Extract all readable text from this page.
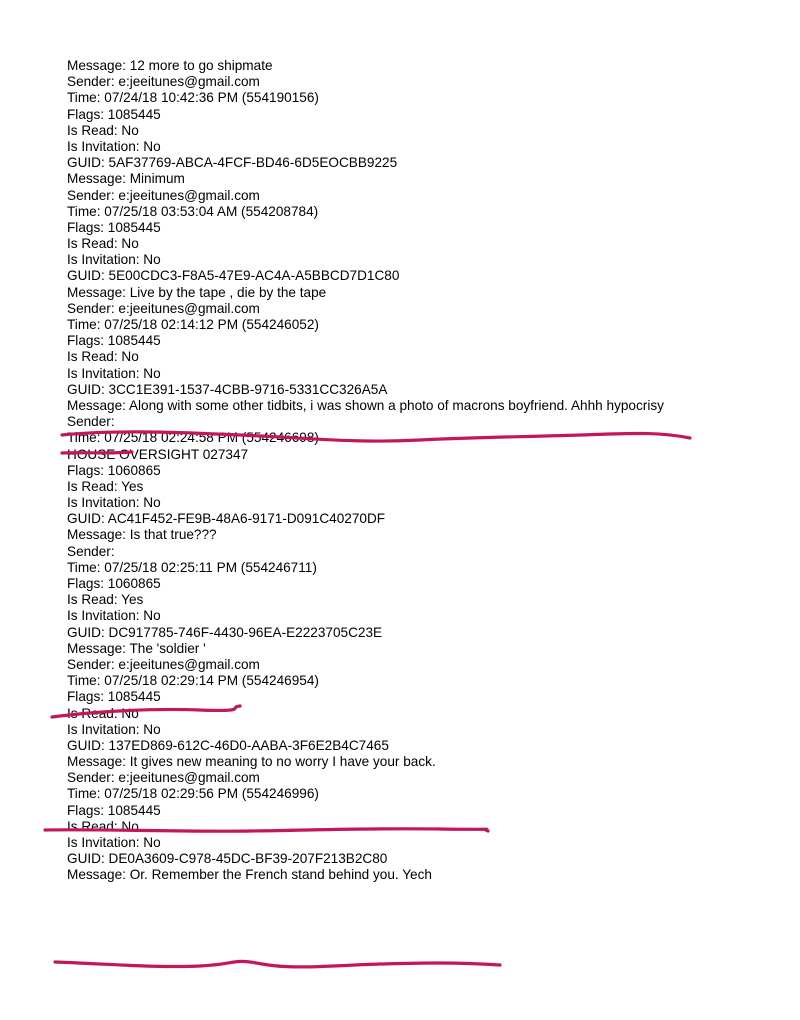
Message: 12 more to go shipmate
Sender: e:jeeitunes@gmail.com
Time: 07/24/18 10:42:36 PM (554190156)
Flags: 1085445
Is Read: No
Is Invitation: No
GUID: 5AF37769-ABCA-4FCF-BD46-6D5EOCBB9225
Message: Minimum
Sender: e:jeeitunes@gmail.com
Time: 07/25/18 03:53:04 AM (554208784)
Flags: 1085445
Is Read: No
Is Invitation: No
GUID: 5E00CDC3-F8A5-47E9-AC4A-A5BBCD7D1C80
Message: Live by the tape , die by the tape
Sender: e:jeeitunes@gmail.com
Time: 07/25/18 02:14:12 PM (554246052)
Flags: 1085445
Is Read: No
Is Invitation: No
GUID: 3CC1E391-1537-4CBB-9716-5331CC326A5A
Message: Along with some other tidbits, i was shown a photo of macrons boyfriend. Ahhh hypocrisy
Sender:
Time: 07/25/18 02:24:58 PM (554246698)
HOUSE OVERSIGHT 027347
Flags: 1060865
Is Read: Yes
Is Invitation: No
GUID: AC41F452-FE9B-48A6-9171-D091C40270DF
Message: Is that true???
Sender:
Time: 07/25/18 02:25:11 PM (554246711)
Flags: 1060865
Is Read: Yes
Is Invitation: No
GUID: DC917785-746F-4430-96EA-E2223705C23E
Message: The 'soldier '
Sender: e:jeeitunes@gmail.com
Time: 07/25/18 02:29:14 PM (554246954)
Flags: 1085445
Is Read: No
Is Invitation: No
GUID: 137ED869-612C-46D0-AABA-3F6E2B4C7465
Message: It gives new meaning to no worry I have your back.
Sender: e:jeeitunes@gmail.com
Time: 07/25/18 02:29:56 PM (554246996)
Flags: 1085445
Is Read: No
Is Invitation: No
GUID: DE0A3609-C978-45DC-BF39-207F213B2C80
Message: Or. Remember the French stand behind you. Yech
